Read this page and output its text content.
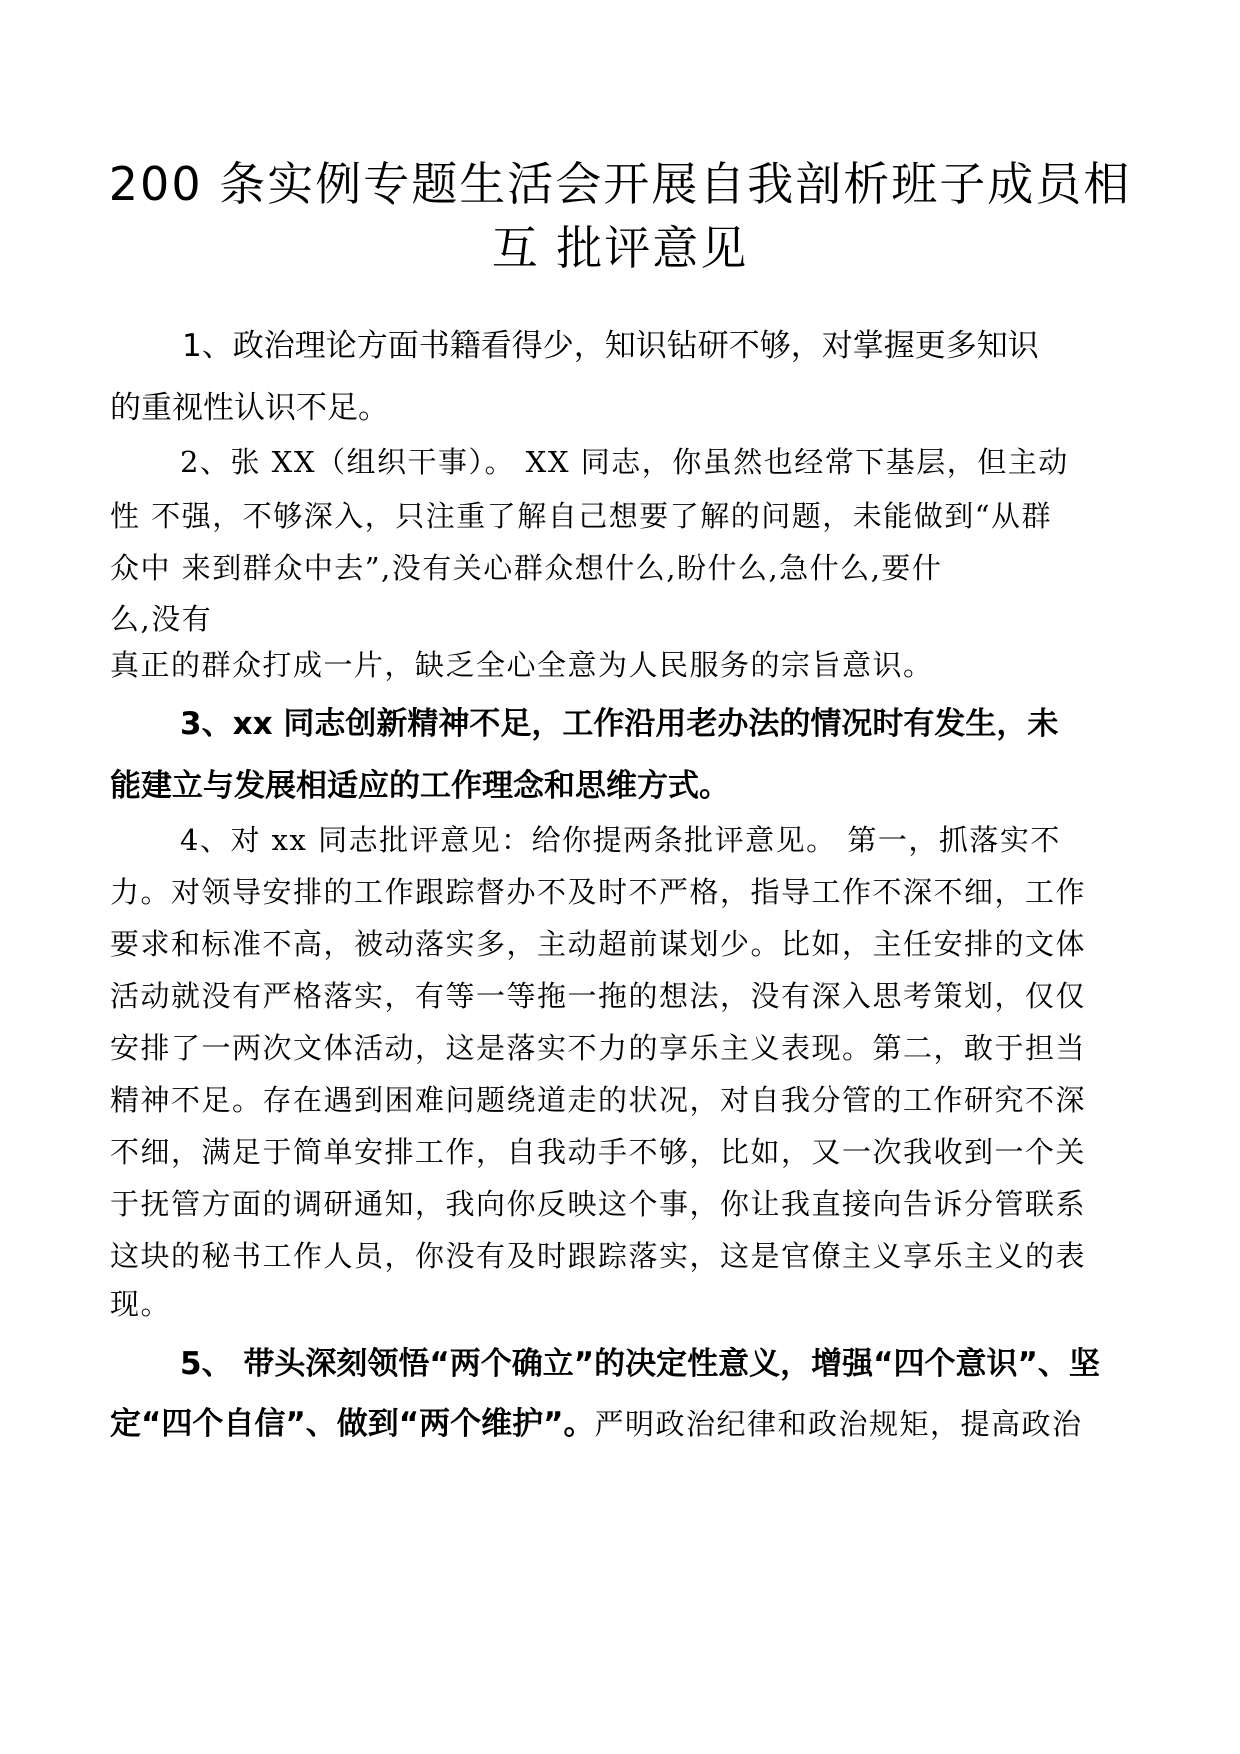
200 条实例专题生活会开展自我剖析班子成员相
互 批评意见

1、政治理论方面书籍看得少，知识钻研不够，对掌握更多知识

的重视性认识不足。

2、张 XX（组织干事）。 XX 同志，你虽然也经常下基层，但主动

性 不强，不够深入，只注重了解自己想要了解的问题，未能做到“从群

众中 来到群众中去”,没有关心群众想什么,盼什么,急什么,要什

么,没有

真正的群众打成一片，缺乏全心全意为人民服务的宗旨意识。

3、xx 同志创新精神不足，工作沿用老办法的情况时有发生，未

能建立与发展相适应的工作理念和思维方式。

4、对 xx 同志批评意见：给你提两条批评意见。 第一，抓落实不

力。对领导安排的工作跟踪督办不及时不严格，指导工作不深不细，工作

要求和标准不高，被动落实多，主动超前谋划少。比如，主任安排的文体

活动就没有严格落实，有等一等拖一拖的想法，没有深入思考策划，仅仅

安排了一两次文体活动，这是落实不力的享乐主义表现。第二，敢于担当

精神不足。存在遇到困难问题绕道走的状况，对自我分管的工作研究不深

不细，满足于简单安排工作，自我动手不够，比如，又一次我收到一个关

于抚管方面的调研通知，我向你反映这个事，你让我直接向告诉分管联系

这块的秘书工作人员，你没有及时跟踪落实，这是官僚主义享乐主义的表

现。

5、 带头深刻领悟“两个确立”的决定性意义，增强“四个意识”、坚

定“四个自信”、做到“两个维护”。严明政治纪律和政治规矩，提高政治
